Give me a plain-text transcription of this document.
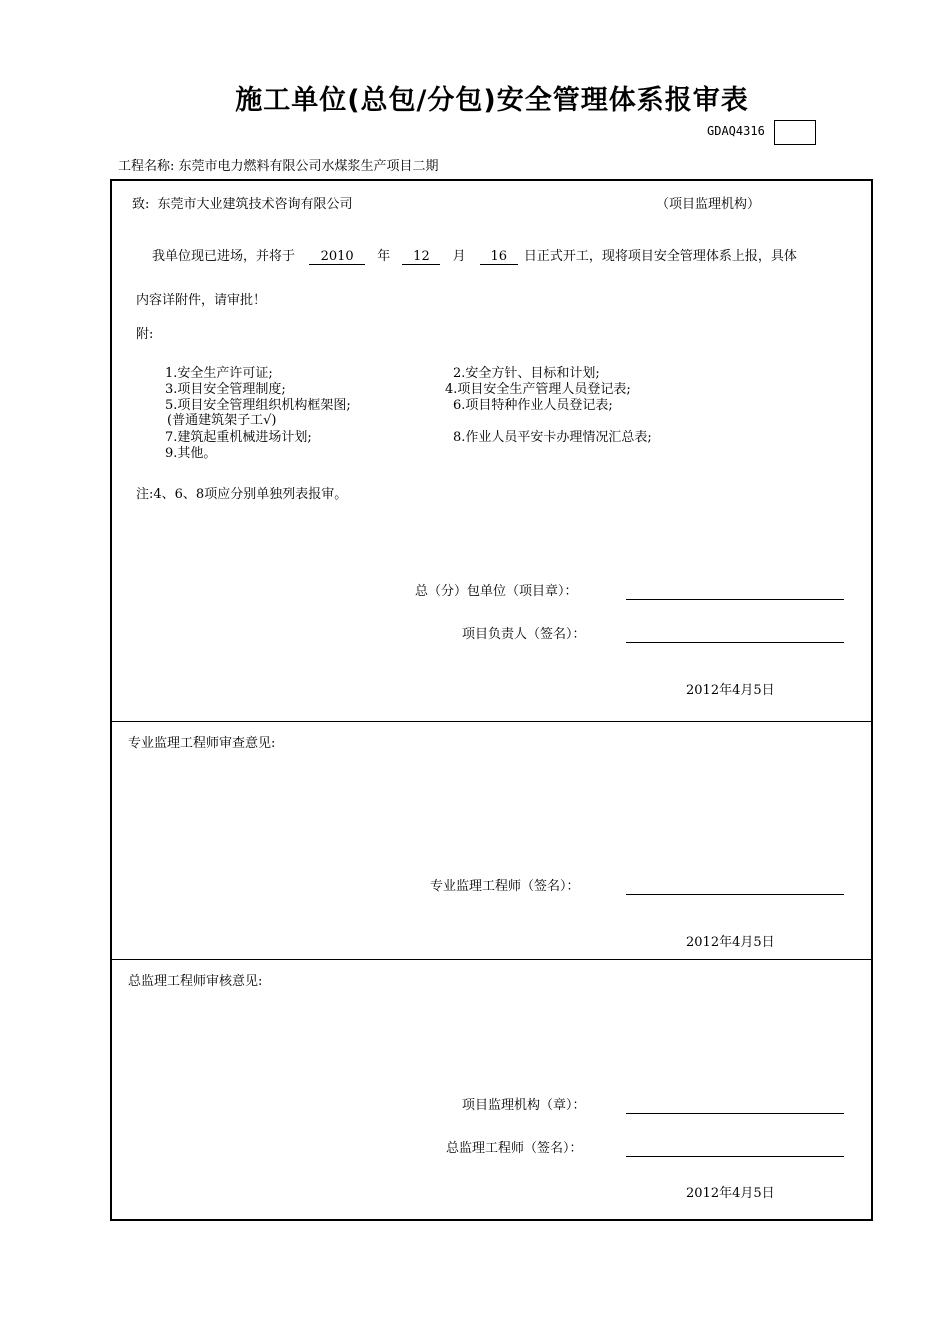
施工单位(总包/分包)安全管理体系报审表
GDAQ4316
工程名称: 东莞市电力燃料有限公司水煤浆生产项目二期
致: 东莞市大业建筑技术咨询有限公司	（项目监理机构）
我单位现已进场，并将于 2010 年 12 月 16 日正式开工，现将项目安全管理体系上报，具体
内容详附件，请审批！
附:
1.安全生产许可证;	2.安全方针、目标和计划;
3.项目安全管理制度;	4.项目安全生产管理人员登记表;
5.项目安全管理组织机构框架图;	6.项目特种作业人员登记表;
(普通建筑架子工√)
7.建筑起重机械进场计划;	8.作业人员平安卡办理情况汇总表;
9.其他。
注:4、6、8项应分别单独列表报审。
总（分）包单位（项目章）：
项目负责人（签名）：
2012年4月5日
专业监理工程师审查意见:
专业监理工程师（签名）：
2012年4月5日
总监理工程师审核意见:
项目监理机构（章）：
总监理工程师（签名）：
2012年4月5日
